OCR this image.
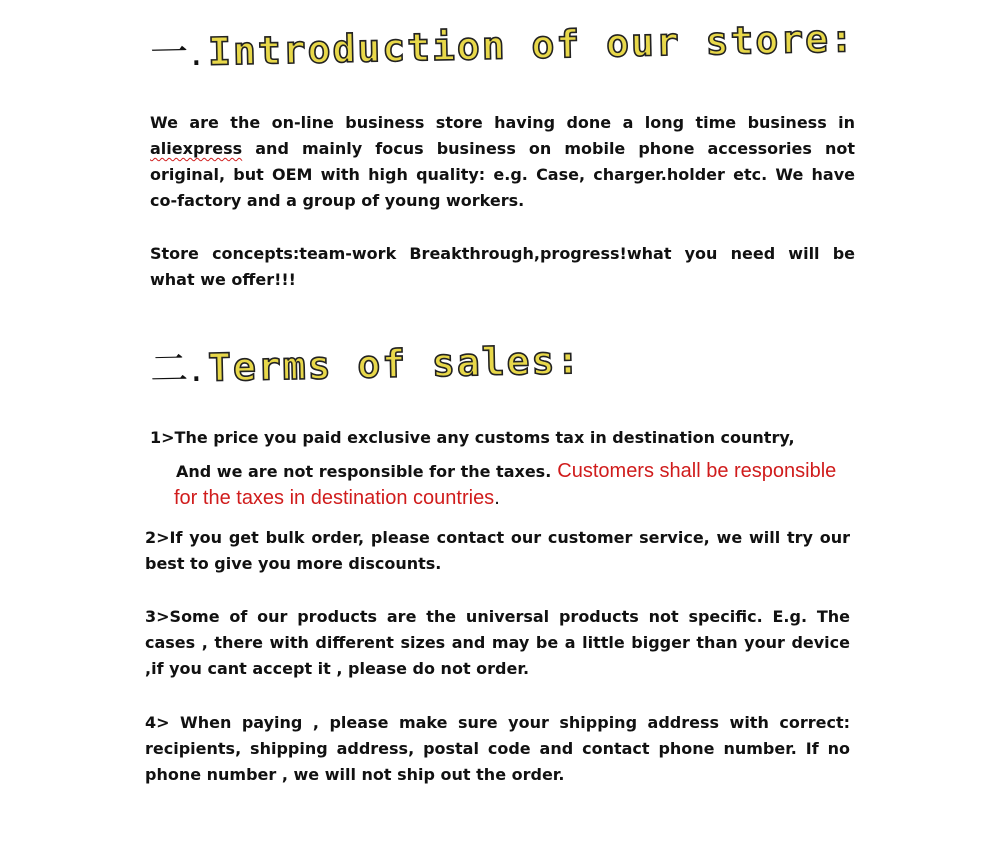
一.Introduction of our store:

We are the on-line business store having done a long time business in aliexpress and mainly focus business on mobile phone accessories not original, but OEM with high quality: e.g. Case, charger.holder etc. We have co-factory and a group of young workers.

Store concepts:team-work Breakthrough,progress!what you need will be what we offer!!!

二.Terms of sales:

1>The price you paid exclusive any customs tax in destination country,

And we are not responsible for the taxes. Customers shall be responsible

for the taxes in destination countries.

2>If you get bulk order, please contact our customer service, we will try our best to give you more discounts.

3>Some of our products are the universal products not specific. E.g. The cases , there with different sizes and may be a little bigger than your device ,if you cant accept it , please do not order.

4> When paying , please make sure your shipping address with correct: recipients, shipping address, postal code and contact phone number. If no phone number , we will not ship out the order.
